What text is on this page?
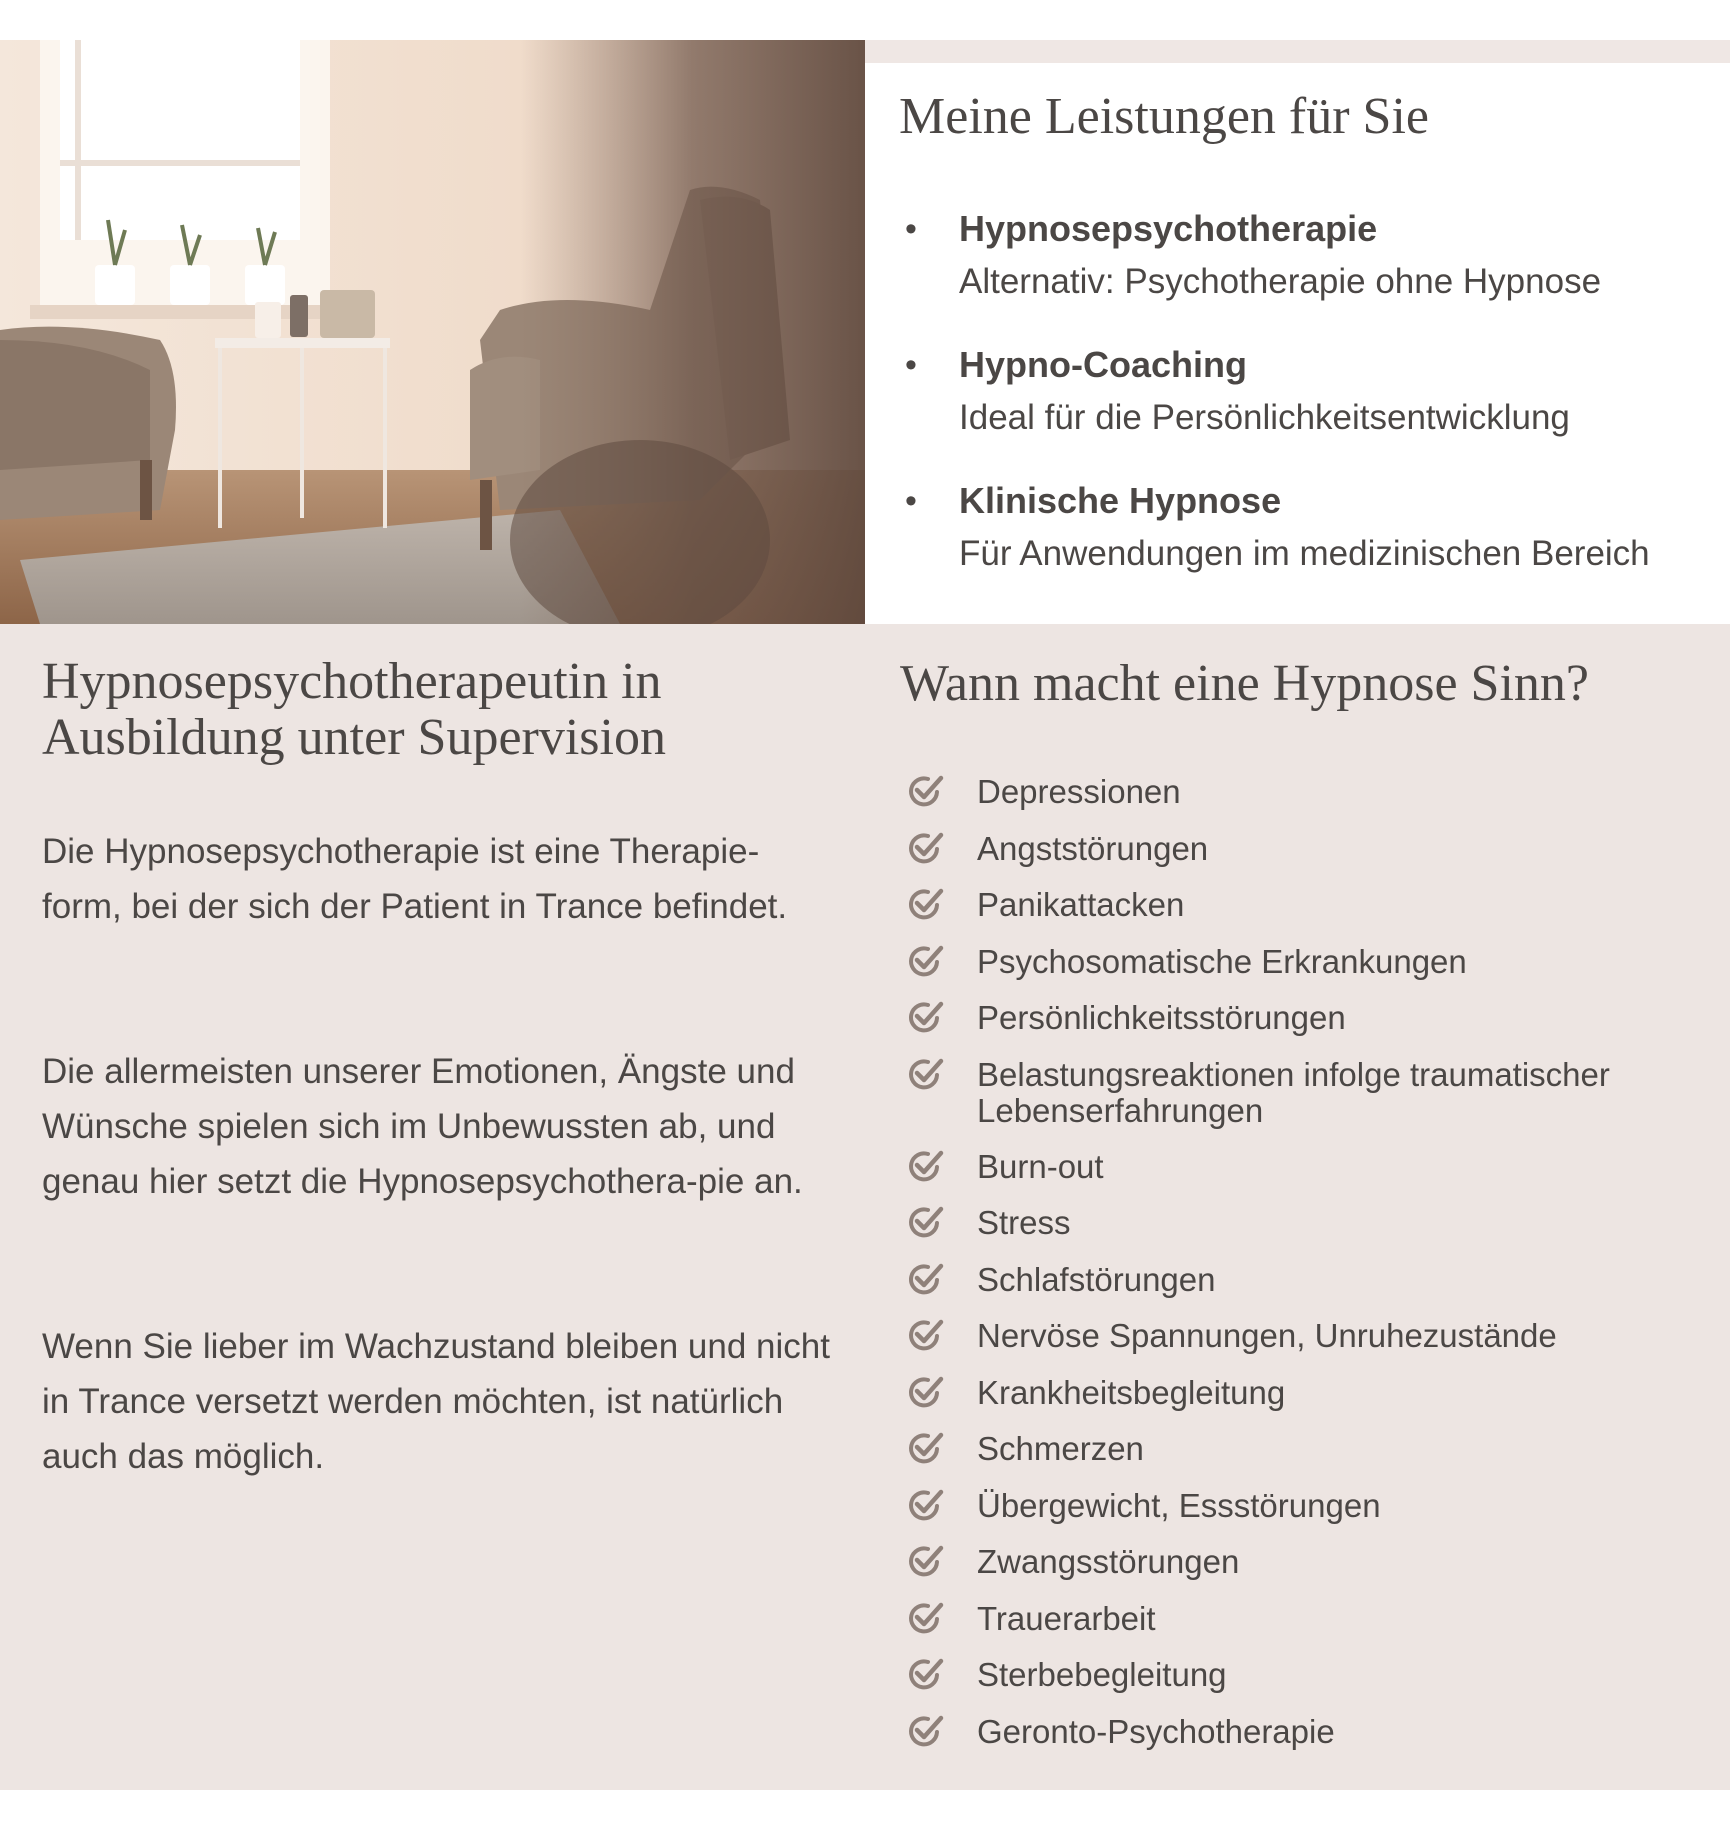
Meine Leistungen für Sie
• Hypnosepsychotherapie
Alternativ: Psychotherapie ohne Hypnose
• Hypno-Coaching
Ideal für die Persönlichkeitsentwicklung
• Klinische Hypnose
Für Anwendungen im medizinischen Bereich
Hypnosepsychotherapeutin in Ausbildung unter Supervision

Die Hypnosepsychotherapie ist eine Therapie-form, bei der sich der Patient in Trance befindet.

Die allermeisten unserer Emotionen, Ängste und Wünsche spielen sich im Unbewussten ab, und genau hier setzt die Hypnosepsychothera-pie an.

Wenn Sie lieber im Wachzustand bleiben und nicht in Trance versetzt werden möchten, ist natürlich auch das möglich.

Wann macht eine Hypnose Sinn?
Depressionen
Angststörungen
Panikattacken
Psychosomatische Erkrankungen
Persönlichkeitsstörungen
Belastungsreaktionen infolge traumatischer Lebenserfahrungen
Burn-out
Stress
Schlafstörungen
Nervöse Spannungen, Unruhezustände
Krankheitsbegleitung
Schmerzen
Übergewicht, Essstörungen
Zwangsstörungen
Trauerarbeit
Sterbebegleitung
Geronto-Psychotherapie
